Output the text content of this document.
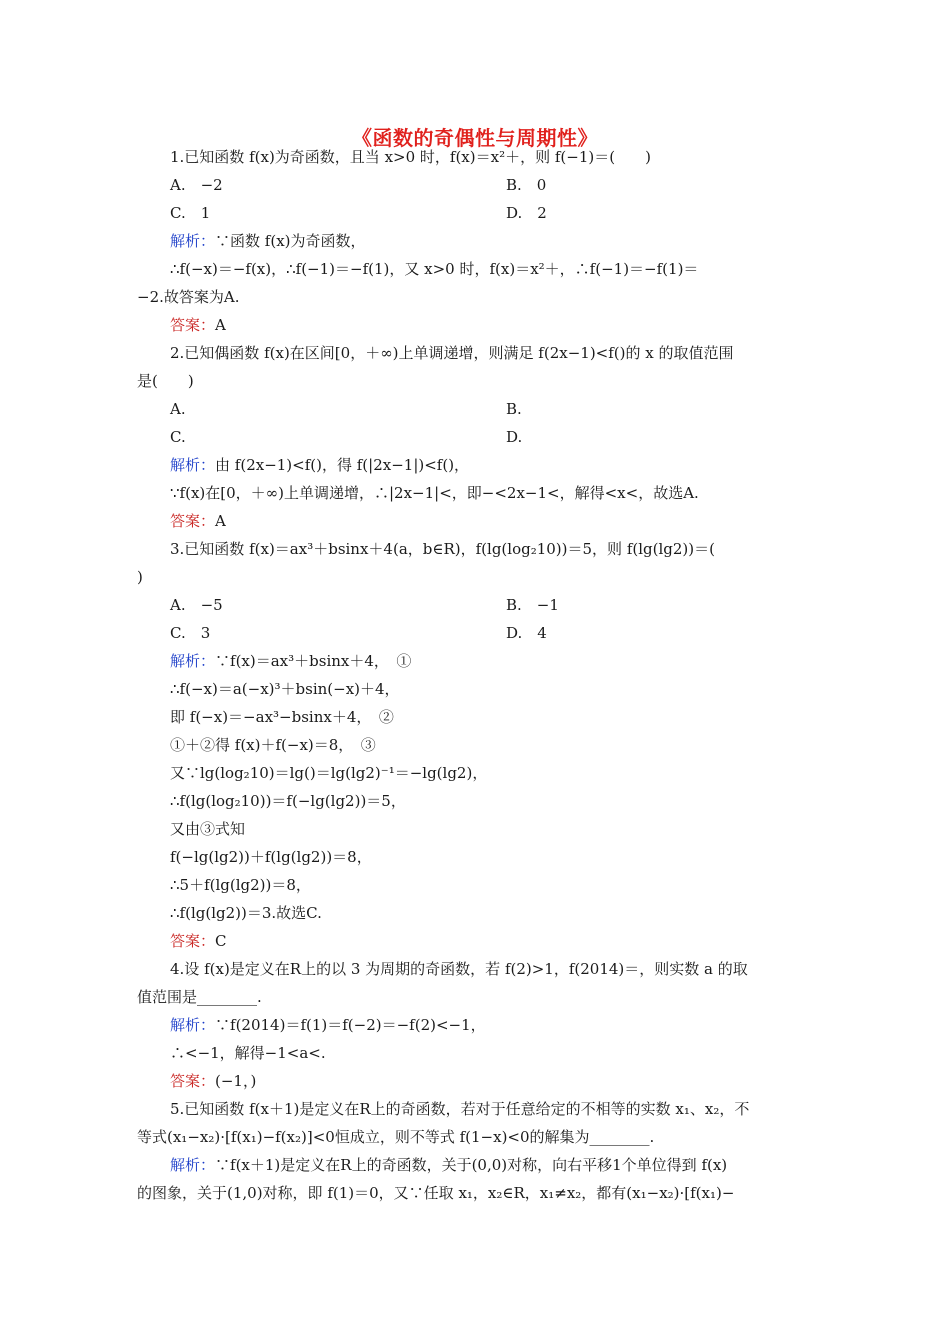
《函数的奇偶性与周期性》
1.已知函数 f(x)为奇函数，且当 x>0 时，f(x)＝x²＋，则 f(−1)＝(　　)
A.　−2	B.　0
C.　1	D.　2
解析：∵函数 f(x)为奇函数，
∴f(−x)＝−f(x)，∴f(−1)＝−f(1)，又 x>0 时，f(x)＝x²＋，∴f(−1)＝−f(1)＝
−2.故答案为A.
答案：A
2.已知偶函数 f(x)在区间[0，＋∞)上单调递增，则满足 f(2x−1)<f()的 x 的取值范围
是(　　)
A.	B.
C.	D.
解析：由 f(2x−1)<f()，得 f(|2x−1|)<f()，
∵f(x)在[0，＋∞)上单调递增，∴|2x−1|<，即−<2x−1<，解得<x<，故选A.
答案：A
3.已知函数 f(x)＝ax³＋bsinx＋4(a，b∈R)，f(lg(log₂10))＝5，则 f(lg(lg2))＝(
)
A.　−5	B.　−1
C.　3	D.　4
解析：∵f(x)＝ax³＋bsinx＋4，　①
∴f(−x)＝a(−x)³＋bsin(−x)＋4，
即 f(−x)＝−ax³−bsinx＋4，　②
①＋②得 f(x)＋f(−x)＝8，　③
又∵lg(log₂10)＝lg()＝lg(lg2)⁻¹＝−lg(lg2)，
∴f(lg(log₂10))＝f(−lg(lg2))＝5，
又由③式知
f(−lg(lg2))＋f(lg(lg2))＝8，
∴5＋f(lg(lg2))＝8，
∴f(lg(lg2))＝3.故选C.
答案：C
4.设 f(x)是定义在R上的以 3 为周期的奇函数，若 f(2)>1，f(2014)＝，则实数 a 的取
值范围是________.
解析：∵f(2014)＝f(1)＝f(−2)＝−f(2)<−1，
∴<−1，解得−1<a<.
答案：(−1，)
5.已知函数 f(x＋1)是定义在R上的奇函数，若对于任意给定的不相等的实数 x₁、x₂，不
等式(x₁−x₂)·[f(x₁)−f(x₂)]<0恒成立，则不等式 f(1−x)<0的解集为________.
解析：∵f(x＋1)是定义在R上的奇函数，关于(0,0)对称，向右平移1个单位得到 f(x)
的图象，关于(1,0)对称，即 f(1)＝0，又∵任取 x₁，x₂∈R，x₁≠x₂，都有(x₁−x₂)·[f(x₁)−
